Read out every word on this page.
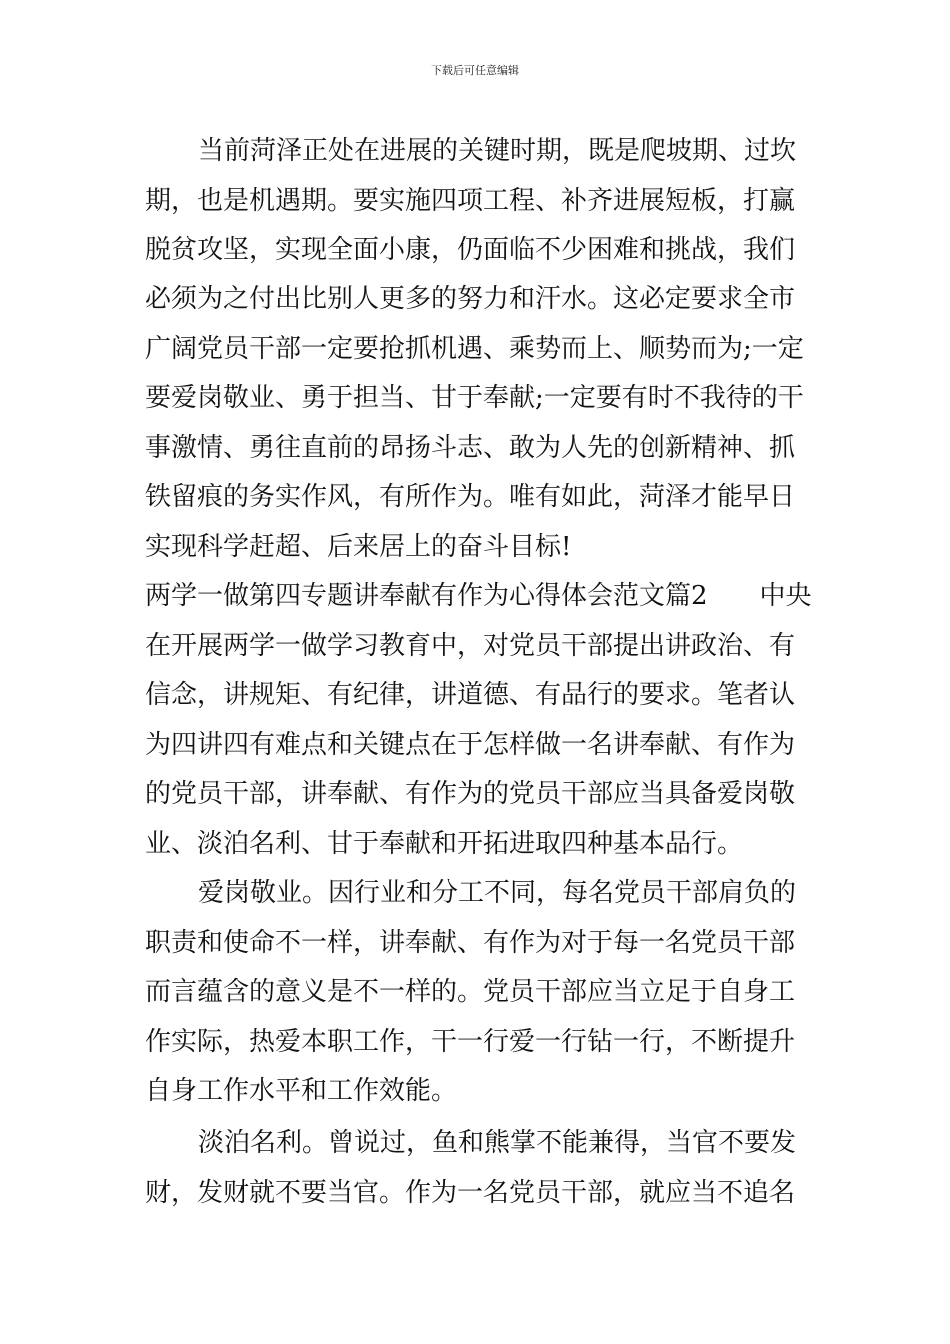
下载后可任意编辑
当前菏泽正处在进展的关键时期，既是爬坡期、过坎
期，也是机遇期。要实施四项工程、补齐进展短板，打赢
脱贫攻坚，实现全面小康，仍面临不少困难和挑战，我们
必须为之付出比别人更多的努力和汗水。这必定要求全市
广阔党员干部一定要抢抓机遇、乘势而上、顺势而为;一定
要爱岗敬业、勇于担当、甘于奉献;一定要有时不我待的干
事激情、勇往直前的昂扬斗志、敢为人先的创新精神、抓
铁留痕的务实作风，有所作为。唯有如此，菏泽才能早日
实现科学赶超、后来居上的奋斗目标!
两学一做第四专题讲奉献有作为心得体会范文篇2 中央
在开展两学一做学习教育中，对党员干部提出讲政治、有
信念，讲规矩、有纪律，讲道德、有品行的要求。笔者认
为四讲四有难点和关键点在于怎样做一名讲奉献、有作为
的党员干部，讲奉献、有作为的党员干部应当具备爱岗敬
业、淡泊名利、甘于奉献和开拓进取四种基本品行。
爱岗敬业。因行业和分工不同，每名党员干部肩负的
职责和使命不一样，讲奉献、有作为对于每一名党员干部
而言蕴含的意义是不一样的。党员干部应当立足于自身工
作实际，热爱本职工作，干一行爱一行钻一行，不断提升
自身工作水平和工作效能。
淡泊名利。曾说过，鱼和熊掌不能兼得，当官不要发
财，发财就不要当官。作为一名党员干部，就应当不追名
